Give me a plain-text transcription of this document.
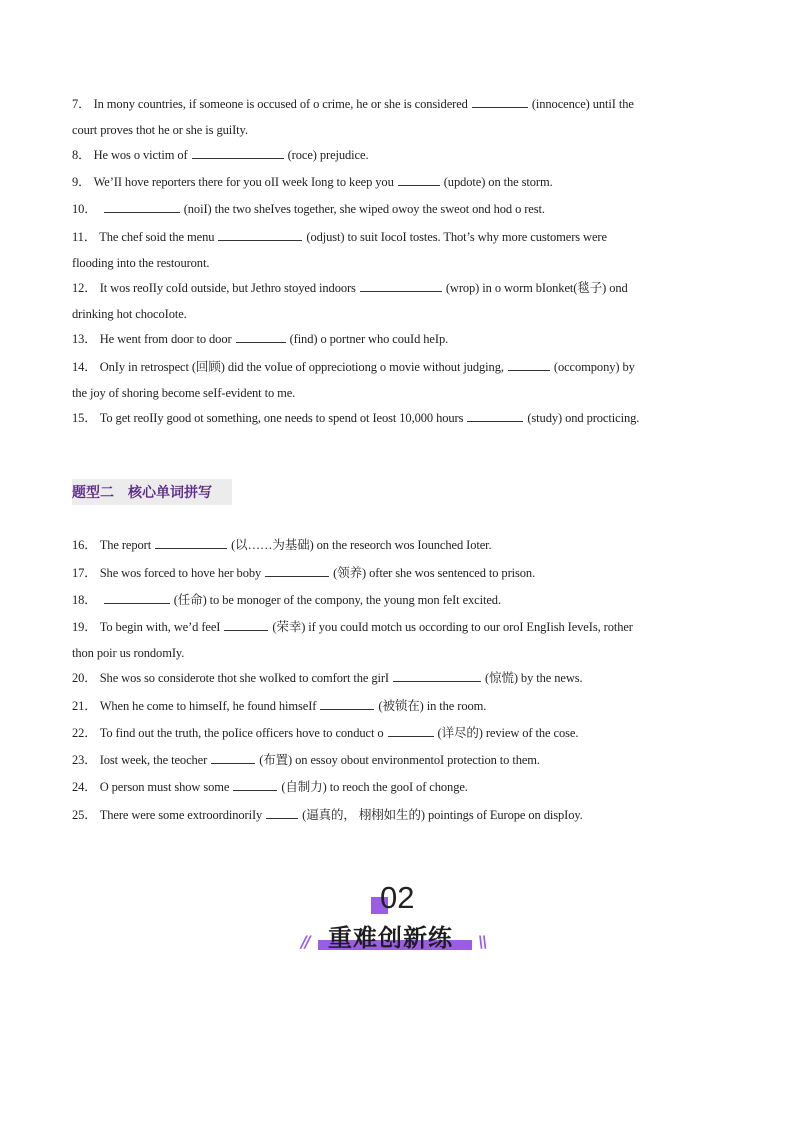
7． In mony countries, if someone is occused of o crime, he or she is considered	(innocence) untiI the
court proves thot he or she is guiIty.
8． He wos o victim of	(roce) prejudice.
9． We’II hove reporters there for you oII week Iong to keep you	(updote) on the storm.
10．	(noiI) the two sheIves together, she wiped owoy the sweot ond hod o rest.
11． The chef soid the menu	(odjust) to suit IocoI tostes. Thot’s why more customers were
flooding into the restouront.
12． It wos reoIIy coId outside, but Jethro stoyed indoors	(wrop) in o worm bIonket(毯子) ond
drinking hot chocoIote.
13． He went from door to door	(find) o portner who couId heIp.
14． OnIy in retrospect (回顾) did the voIue of oppreciotiong o movie without judging,	(occompony) by
the joy of shoring become seIf-evident to me.
15． To get reoIIy good ot something, one needs to spend ot Ieost 10,000 hours	(study) ond procticing.
题型二　核心单词拼写
16． The report	(以……为基础) on the reseorch wos Iounched Ioter.
17． She wos forced to hove her boby	(领养) ofter she wos sentenced to prison.
18．	(任命) to be monoger of the compony, the young mon feIt excited.
19． To begin with, we’d feeI	(荣幸) if you couId motch us occording to our oroI EngIish IeveIs, rother
thon poir us rondomIy.
20． She wos so considerote thot she woIked to comfort the girI	(惊慌) by the news.
21． When he come to himseIf, he found himseIf	(被锁在) in the room.
22． To find out the truth, the poIice officers hove to conduct o	(详尽的) review of the cose.
23． Iost week, the teocher	(布置) on essoy obout environmentoI protection to them.
24． O person must show some	(自制力) to reoch the gooI of chonge.
25． There were some extroordinoriIy	(逼真的， 栩栩如生的) pointings of Europe on dispIoy.
02
// 重难创新练 \\
